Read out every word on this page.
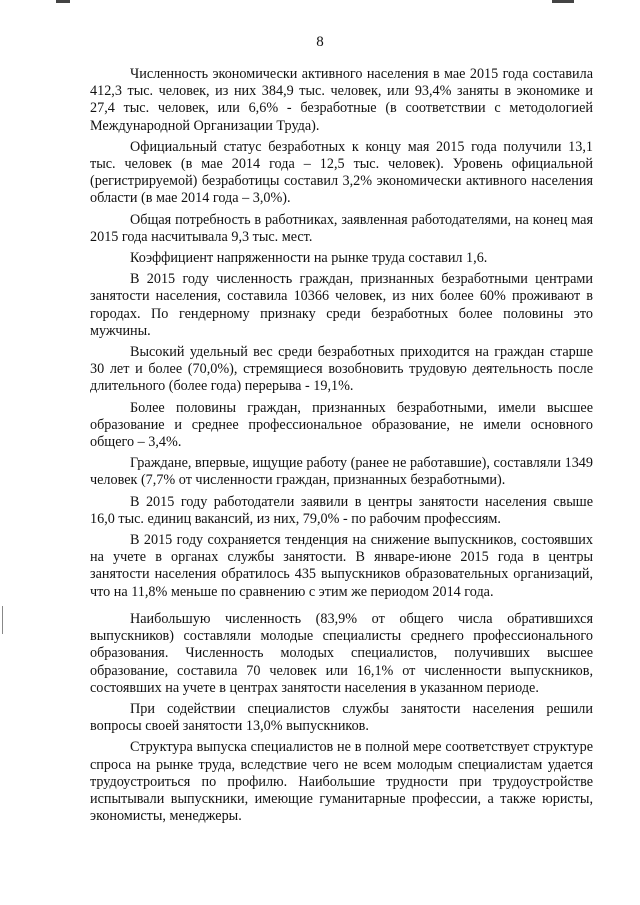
8

Численность экономически активного населения в мае 2015 года составила 412,3 тыс. человек, из них 384,9 тыс. человек, или 93,4% заняты в экономике и 27,4 тыс. человек, или 6,6% - безработные (в соответствии с методологией Международной Организации Труда).

Официальный статус безработных к концу мая 2015 года получили 13,1 тыс. человек (в мае 2014 года – 12,5 тыс. человек). Уровень официальной (регистрируемой) безработицы составил 3,2% экономически активного населения области (в мае 2014 года – 3,0%).

Общая потребность в работниках, заявленная работодателями, на конец мая 2015 года насчитывала 9,3 тыс. мест.

Коэффициент напряженности на рынке труда составил 1,6.

В 2015 году численность граждан, признанных безработными центрами занятости населения, составила 10366 человек, из них более 60% проживают в городах. По гендерному признаку среди безработных более половины это мужчины.

Высокий удельный вес среди безработных приходится на граждан старше 30 лет и более (70,0%), стремящиеся возобновить трудовую деятельность после длительного (более года) перерыва - 19,1%.

Более половины граждан, признанных безработными, имели высшее образование и среднее профессиональное образование, не имели основного общего – 3,4%.

Граждане, впервые, ищущие работу (ранее не работавшие), составляли 1349 человек (7,7% от численности граждан, признанных безработными).

В 2015 году работодатели заявили в центры занятости населения свыше 16,0 тыс. единиц вакансий, из них, 79,0% - по рабочим профессиям.

В 2015 году сохраняется тенденция на снижение выпускников, состоявших на учете в органах службы занятости. В январе-июне 2015 года в центры занятости населения обратилось 435 выпускников образовательных организаций, что на 11,8% меньше по сравнению с этим же периодом 2014 года.

Наибольшую численность (83,9% от общего числа обратившихся выпускников) составляли молодые специалисты среднего профессионального образования. Численность молодых специалистов, получивших высшее образование, составила 70 человек или 16,1% от численности выпускников, состоявших на учете в центрах занятости населения в указанном периоде.

При содействии специалистов службы занятости населения решили вопросы своей занятости 13,0% выпускников.

Структура выпуска специалистов не в полной мере соответствует структуре спроса на рынке труда, вследствие чего не всем молодым специалистам удается трудоустроиться по профилю. Наибольшие трудности при трудоустройстве испытывали выпускники, имеющие гуманитарные профессии, а также юристы, экономисты, менеджеры.
